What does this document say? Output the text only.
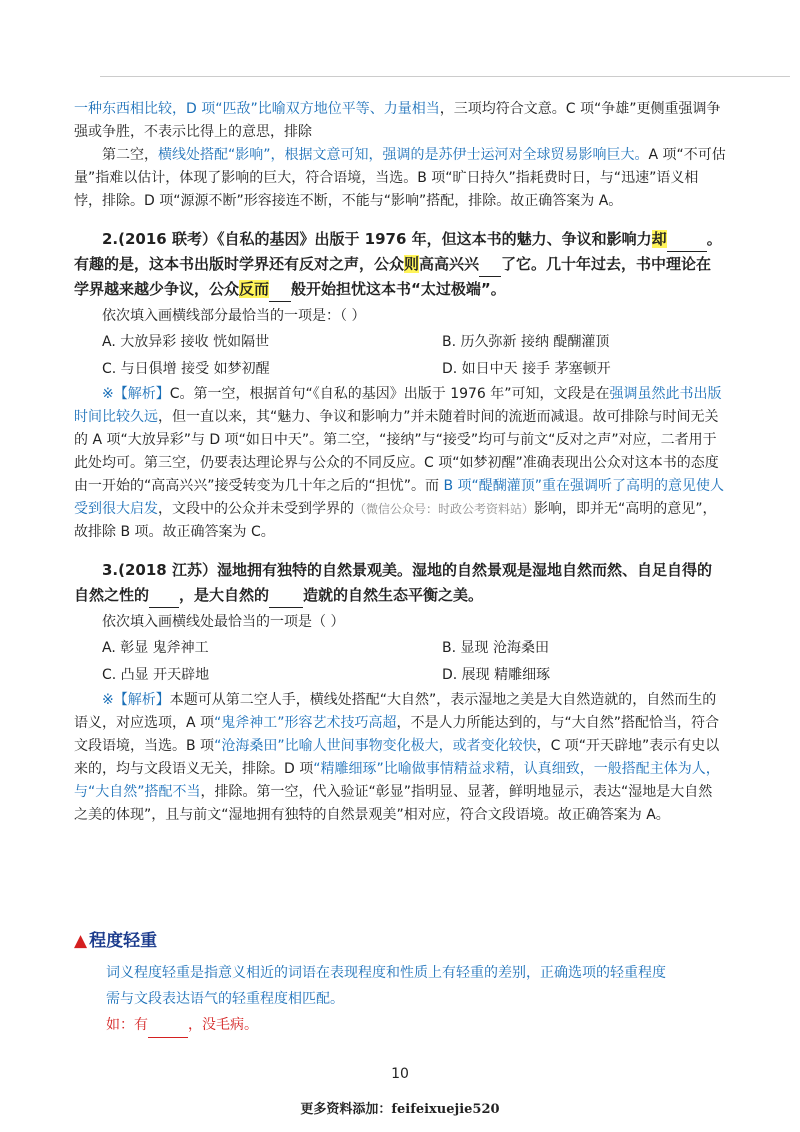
一种东西相比较，D 项“匹敌”比喻双方地位平等、力量相当，三项均符合文意。C 项“争雄”更侧重强调争强或争胜，不表示比得上的意思，排除

第二空，横线处搭配“影响”，根据文意可知，强调的是苏伊士运河对全球贸易影响巨大。A 项“不可估量”指难以估计，体现了影响的巨大，符合语境，当选。B 项“旷日持久”指耗费时日，与“迅速”语义相悖，排除。D 项“源源不断”形容接连不断，不能与“影响”搭配，排除。故正确答案为 A。

2.(2016 联考）《自私的基因》出版于 1976 年，但这本书的魅力、争议和影响力却	。有趣的是，这本书出版时学界还有反对之声，公众则高高兴兴 了它。几十年过去，书中理论在学界越来越少争议，公众反而 般开始担忧这本书“太过极端”。

依次填入画横线部分最恰当的一项是：（ ）

A. 大放异彩 接收 恍如隔世	B. 历久弥新 接纳 醍醐灌顶
C. 与日俱增 接受 如梦初醒	D. 如日中天 接手 茅塞顿开

※【解析】C。第一空，根据首句“《自私的基因》出版于 1976 年”可知，文段是在强调虽然此书出版时间比较久远，但一直以来，其“魅力、争议和影响力”并未随着时间的流逝而减退。故可排除与时间无关的 A 项“大放异彩”与 D 项“如日中天”。第二空，“接纳”与“接受”均可与前文“反对之声”对应，二者用于此处均可。第三空，仍要表达理论界与公众的不同反应。C 项“如梦初醒”准确表现出公众对这本书的态度由一开始的“高高兴兴”接受转变为几十年之后的“担忧”。而 B 项“醍醐灌顶”重在强调听了高明的意见使人受到很大启发，文段中的公众并未受到学界的（微信公众号：时政公考资料站）影响，即并无“高明的意见”，故排除 B 项。故正确答案为 C。

3.(2018 江苏）湿地拥有独特的自然景观美。湿地的自然景观是湿地自然而然、自足自得的自然之性的 ，是大自然的 造就的自然生态平衡之美。

依次填入画横线处最恰当的一项是（ ）

A. 彰显 鬼斧神工	B. 显现 沧海桑田
C. 凸显 开天辟地	D. 展现 精雕细琢

※【解析】本题可从第二空人手，横线处搭配“大自然”，表示湿地之美是大自然造就的，自然而生的语义，对应选项，A 项“鬼斧神工”形容艺术技巧高超，不是人力所能达到的，与“大自然”搭配恰当，符合文段语境，当选。B 项“沧海桑田”比喻人世间事物变化极大，或者变化较快，C 项“开天辟地”表示有史以来的，均与文段语义无关，排除。D 项“精雕细琢”比喻做事情精益求精，认真细致，一般搭配主体为人，与“大自然”搭配不当，排除。第一空，代入验证“彰显”指明显、显著，鲜明地显示，表达“湿地是大自然之美的体现”，且与前文“湿地拥有独特的自然景观美”相对应，符合文段语境。故正确答案为 A。

▲ 程度轻重
词义程度轻重是指意义相近的词语在表现程度和性质上有轻重的差别，正确选项的轻重程度需与文段表达语气的轻重程度相匹配。
如：有	，没毛病。
10
更多资料添加：feifeixuejie520
